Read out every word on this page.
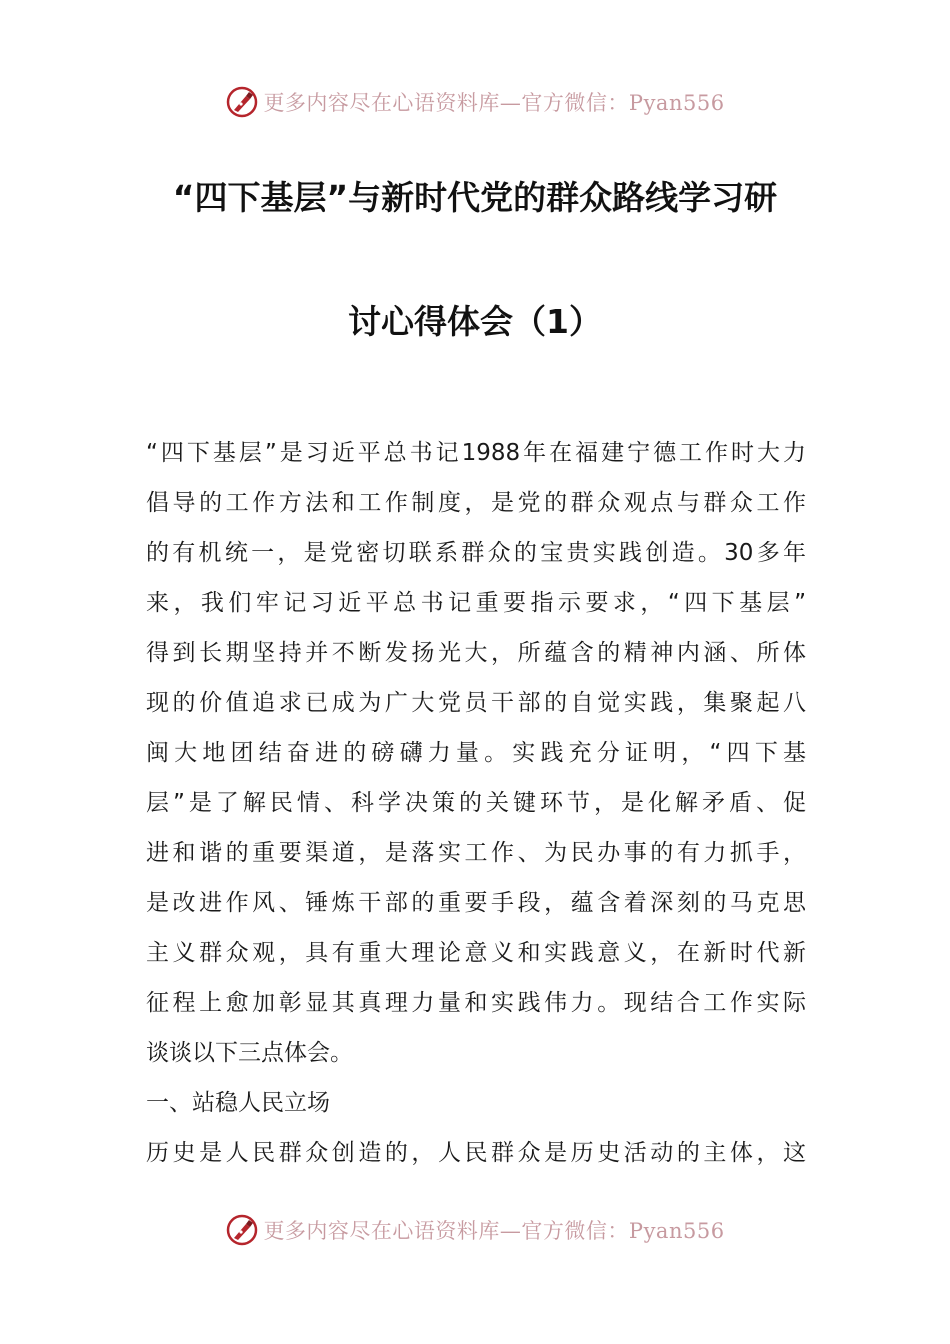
更多内容尽在心语资料库—官方微信：Pyan556
“四下基层”与新时代党的群众路线学习研
讨心得体会（1）
“四下基层”是习近平总书记1988年在福建宁德工作时大力
倡导的工作方法和工作制度，是党的群众观点与群众工作
的有机统一，是党密切联系群众的宝贵实践创造。30多年
来，我们牢记习近平总书记重要指示要求，“四下基层”
得到长期坚持并不断发扬光大，所蕴含的精神内涵、所体
现的价值追求已成为广大党员干部的自觉实践，集聚起八
闽大地团结奋进的磅礴力量。实践充分证明，“四下基
层”是了解民情、科学决策的关键环节，是化解矛盾、促
进和谐的重要渠道，是落实工作、为民办事的有力抓手，
是改进作风、锤炼干部的重要手段，蕴含着深刻的马克思
主义群众观，具有重大理论意义和实践意义，在新时代新
征程上愈加彰显其真理力量和实践伟力。现结合工作实际
谈谈以下三点体会。
一、站稳人民立场
历史是人民群众创造的，人民群众是历史活动的主体，这
更多内容尽在心语资料库—官方微信：Pyan556
